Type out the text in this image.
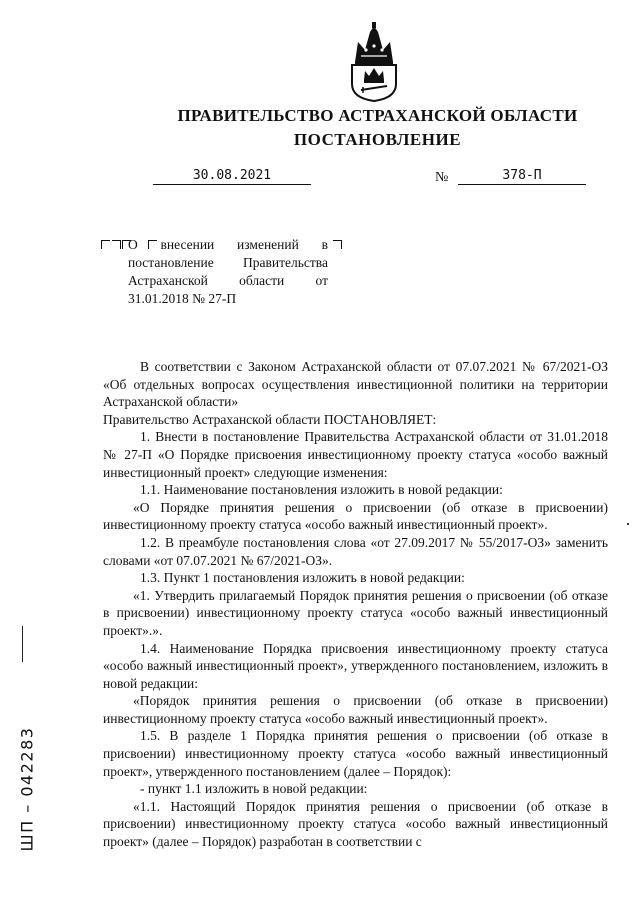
ПРАВИТЕЛЬСТВО АСТРАХАНСКОЙ ОБЛАСТИ
ПОСТАНОВЛЕНИЕ
30.08.2021	№	378-П
О внесении изменений в постановление Правительства Астраханской области от 31.01.2018 № 27-П

В соответствии с Законом Астраханской области от 07.07.2021 № 67/2021-ОЗ «Об отдельных вопросах осуществления инвестиционной политики на территории Астраханской области»

Правительство Астраханской области ПОСТАНОВЛЯЕТ:

1. Внести в постановление Правительства Астраханской области от 31.01.2018 № 27-П «О Порядке присвоения инвестиционному проекту статуса «особо важный инвестиционный проект» следующие изменения:

1.1. Наименование постановления изложить в новой редакции:

«О Порядке принятия решения о присвоении (об отказе в присвоении) инвестиционному проекту статуса «особо важный инвестиционный проект».

1.2. В преамбуле постановления слова «от 27.09.2017 № 55/2017-ОЗ» заменить словами «от 07.07.2021 № 67/2021-ОЗ».

1.3. Пункт 1 постановления изложить в новой редакции:

«1. Утвердить прилагаемый Порядок принятия решения о присвоении (об отказе в присвоении) инвестиционному проекту статуса «особо важный инвестиционный проект».».

1.4. Наименование Порядка присвоения инвестиционному проекту статуса «особо важный инвестиционный проект», утвержденного постановлением, изложить в новой редакции:

«Порядок принятия решения о присвоении (об отказе в присвоении) инвестиционному проекту статуса «особо важный инвестиционный проект».

1.5. В разделе 1 Порядка принятия решения о присвоении (об отказе в присвоении) инвестиционному проекту статуса «особо важный инвестиционный проект», утвержденного постановлением (далее – Порядок):

- пункт 1.1 изложить в новой редакции:

«1.1. Настоящий Порядок принятия решения о присвоении (об отказе в присвоении) инвестиционному проекту статуса «особо важный инвестиционный проект» (далее – Порядок) разработан в соответствии с

ШП – 042283
